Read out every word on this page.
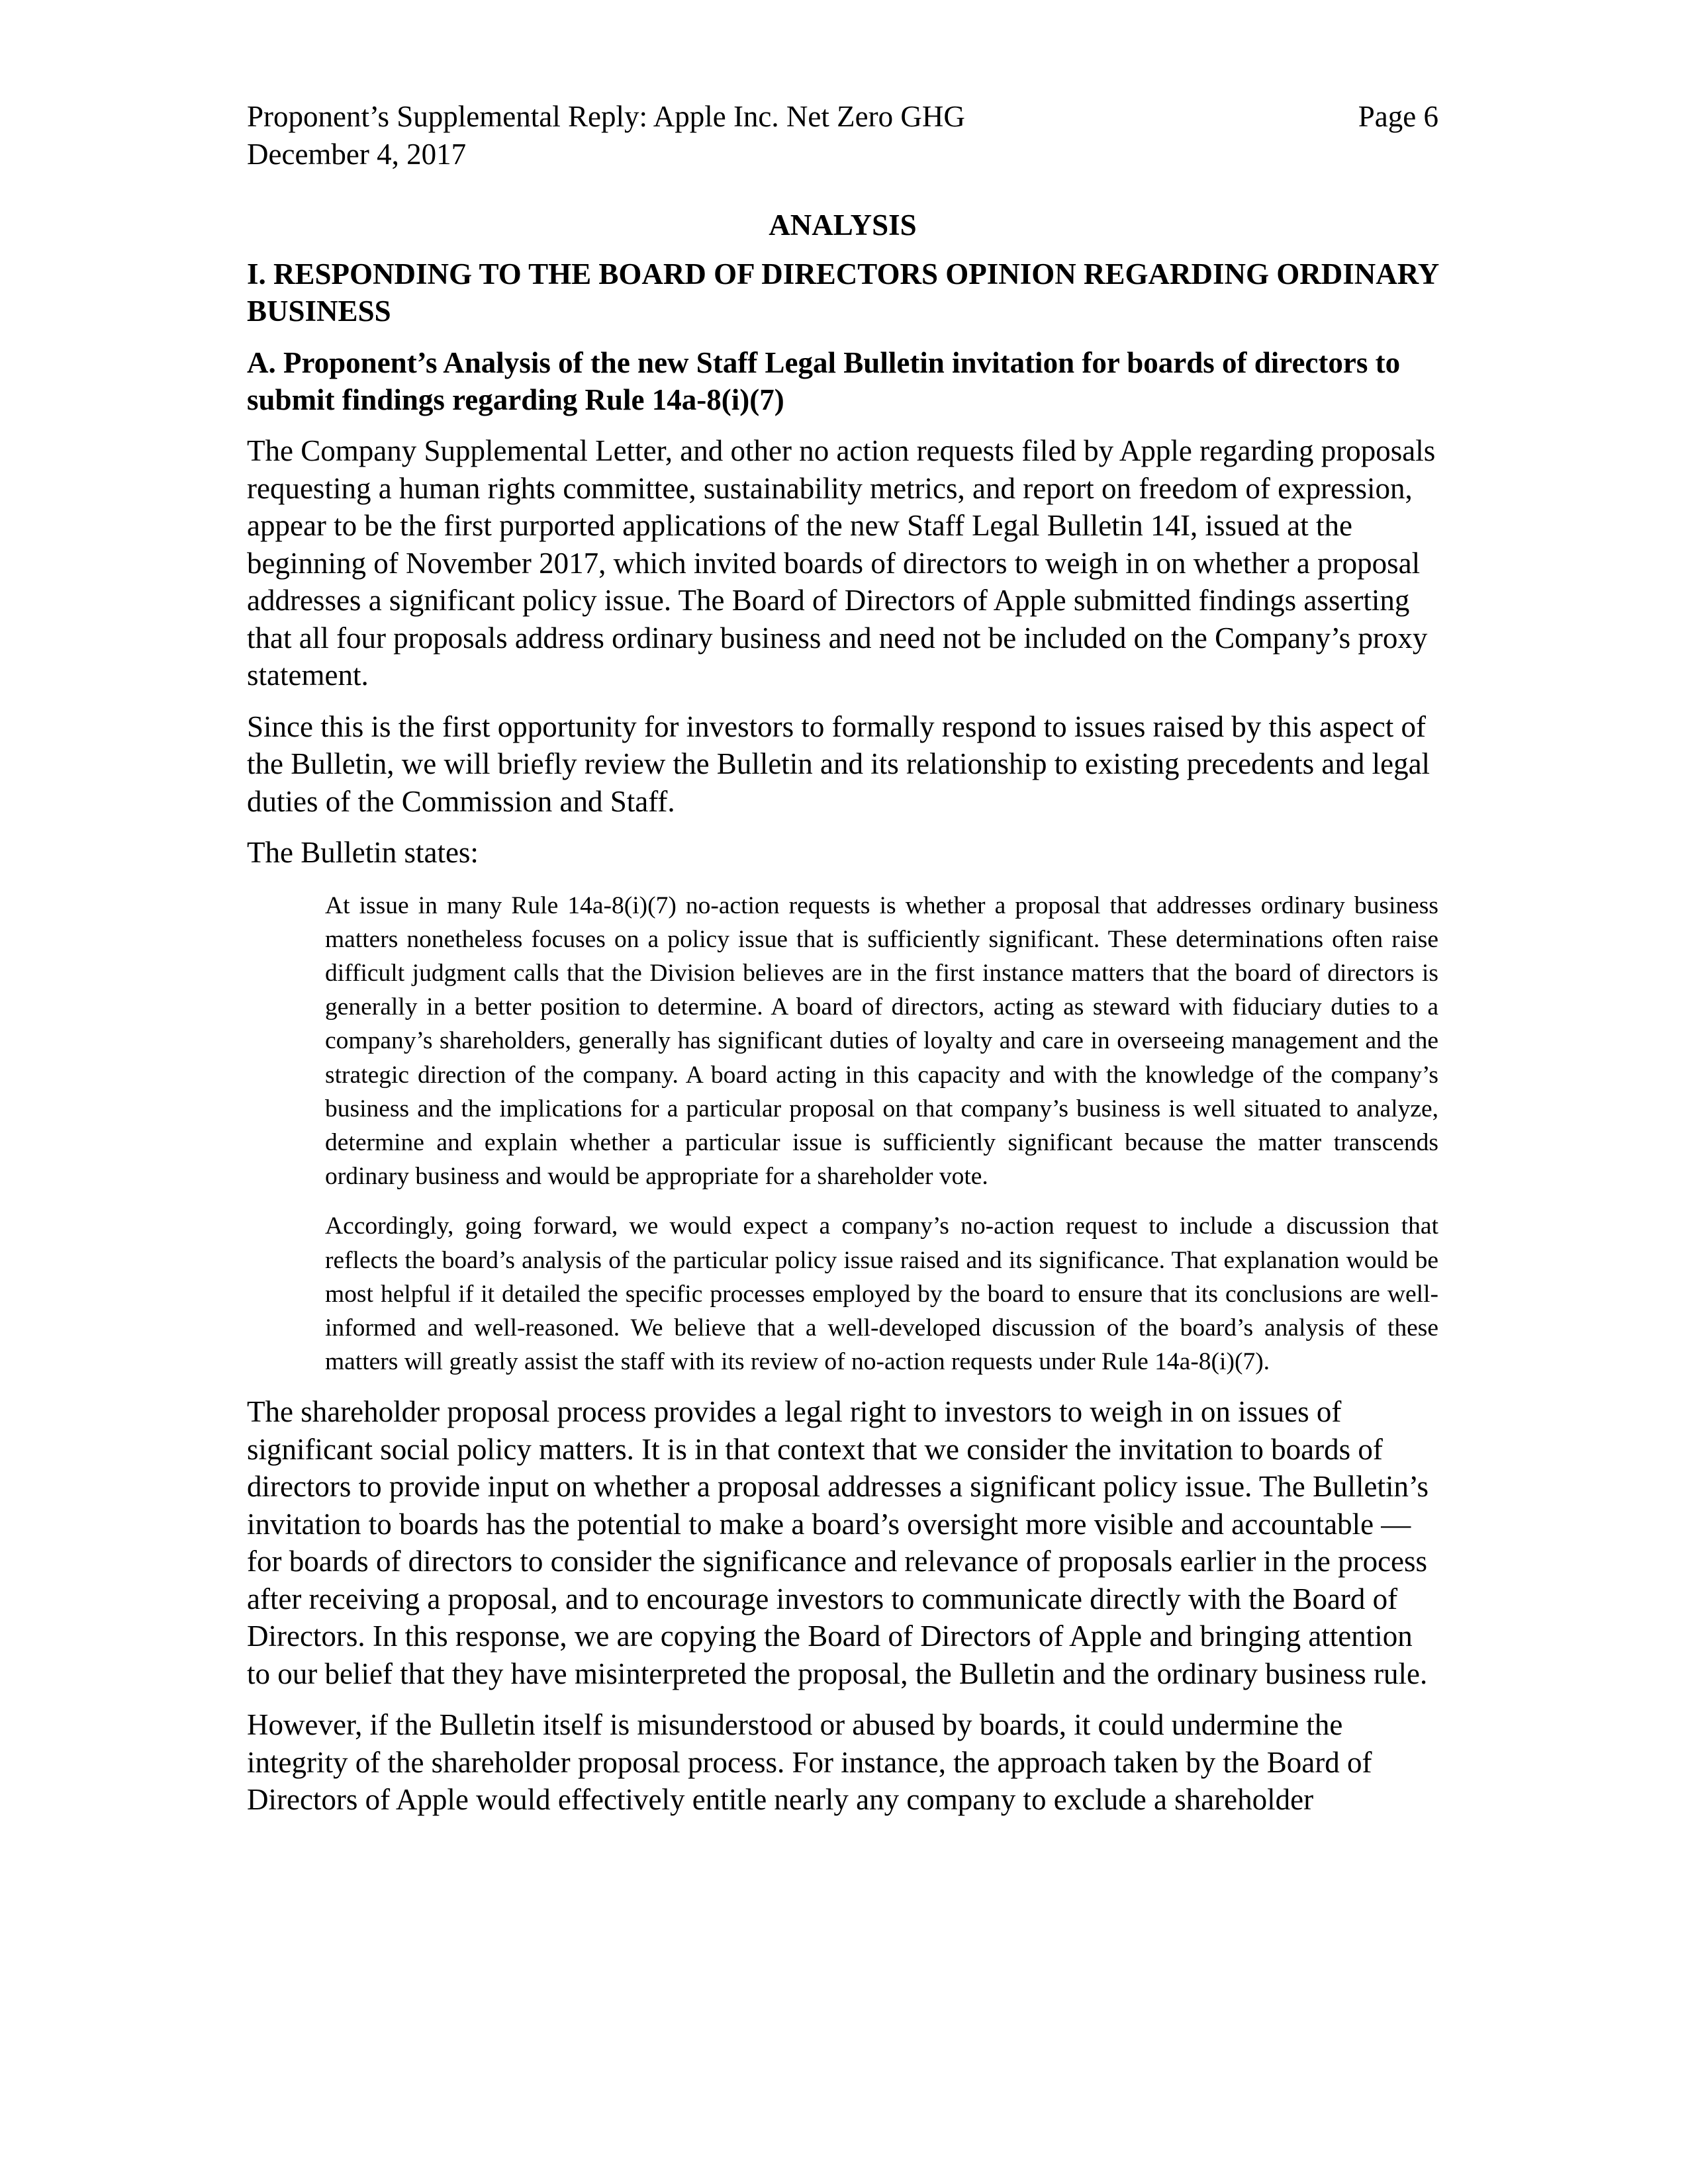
Proponent’s Supplemental Reply: Apple Inc. Net Zero GHG	Page 6
December 4, 2017
ANALYSIS
I. RESPONDING TO THE BOARD OF DIRECTORS OPINION REGARDING ORDINARY BUSINESS
A. Proponent’s Analysis of the new Staff Legal Bulletin invitation for boards of directors to submit findings regarding Rule 14a-8(i)(7)

The Company Supplemental Letter, and other no action requests filed by Apple regarding proposals requesting a human rights committee, sustainability metrics, and report on freedom of expression, appear to be the first purported applications of the new Staff Legal Bulletin 14I, issued at the beginning of November 2017, which invited boards of directors to weigh in on whether a proposal addresses a significant policy issue. The Board of Directors of Apple submitted findings asserting that all four proposals address ordinary business and need not be included on the Company’s proxy statement.

Since this is the first opportunity for investors to formally respond to issues raised by this aspect of the Bulletin, we will briefly review the Bulletin and its relationship to existing precedents and legal duties of the Commission and Staff.

The Bulletin states:

At issue in many Rule 14a-8(i)(7) no-action requests is whether a proposal that addresses ordinary business matters nonetheless focuses on a policy issue that is sufficiently significant. These determinations often raise difficult judgment calls that the Division believes are in the first instance matters that the board of directors is generally in a better position to determine. A board of directors, acting as steward with fiduciary duties to a company’s shareholders, generally has significant duties of loyalty and care in overseeing management and the strategic direction of the company. A board acting in this capacity and with the knowledge of the company’s business and the implications for a particular proposal on that company’s business is well situated to analyze, determine and explain whether a particular issue is sufficiently significant because the matter transcends ordinary business and would be appropriate for a shareholder vote.

Accordingly, going forward, we would expect a company’s no-action request to include a discussion that reflects the board’s analysis of the particular policy issue raised and its significance. That explanation would be most helpful if it detailed the specific processes employed by the board to ensure that its conclusions are well-informed and well-reasoned. We believe that a well-developed discussion of the board’s analysis of these matters will greatly assist the staff with its review of no-action requests under Rule 14a-8(i)(7).

The shareholder proposal process provides a legal right to investors to weigh in on issues of significant social policy matters. It is in that context that we consider the invitation to boards of directors to provide input on whether a proposal addresses a significant policy issue. The Bulletin’s invitation to boards has the potential to make a board’s oversight more visible and accountable — for boards of directors to consider the significance and relevance of proposals earlier in the process after receiving a proposal, and to encourage investors to communicate directly with the Board of Directors. In this response, we are copying the Board of Directors of Apple and bringing attention to our belief that they have misinterpreted the proposal, the Bulletin and the ordinary business rule.

However, if the Bulletin itself is misunderstood or abused by boards, it could undermine the integrity of the shareholder proposal process. For instance, the approach taken by the Board of Directors of Apple would effectively entitle nearly any company to exclude a shareholder
